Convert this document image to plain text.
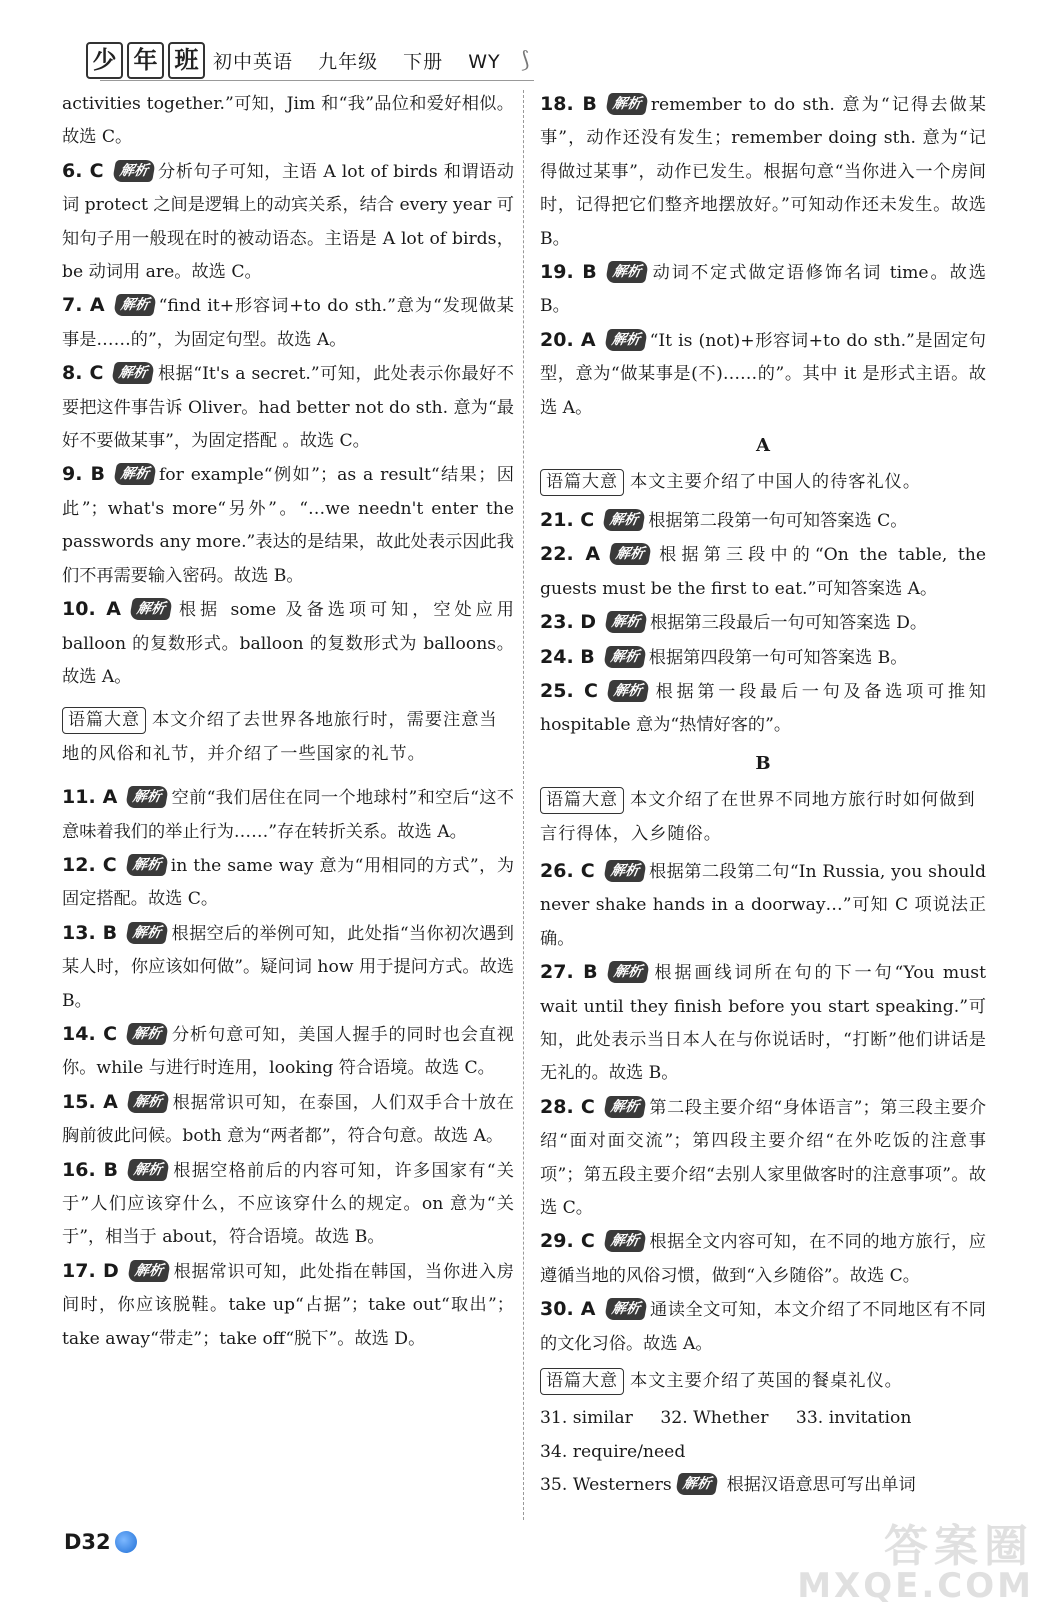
少 年 班 初中英语 九年级 下册 WY ⟆
activities together.”可知，Jim 和“我”品位和爱好相似。故选 C。
6. C 解析 分析句子可知，主语 A lot of birds 和谓语动词 protect 之间是逻辑上的动宾关系，结合 every year 可知句子用一般现在时的被动语态。主语是 A lot of birds，be 动词用 are。故选 C。
7. A 解析 “find it+形容词+to do sth.”意为“发现做某事是……的”，为固定句型。故选 A。
8. C 解析 根据“It's a secret.”可知，此处表示你最好不要把这件事告诉 Oliver。had better not do sth. 意为“最好不要做某事”，为固定搭配 。故选 C。
9. B 解析 for example“例如”；as a result“结果；因此”；what's more“另外”。“…we needn't enter the passwords any more.”表达的是结果，故此处表示因此我们不再需要输入密码。故选 B。
10. A 解析 根据 some 及备选项可知，空处应用 balloon 的复数形式。balloon 的复数形式为 balloons。故选 A。
语篇大意 本文介绍了去世界各地旅行时，需要注意当地的风俗和礼节，并介绍了一些国家的礼节。
11. A 解析 空前“我们居住在同一个地球村”和空后“这不意味着我们的举止行为……”存在转折关系。故选 A。
12. C 解析 in the same way 意为“用相同的方式”，为固定搭配。故选 C。
13. B 解析 根据空后的举例可知，此处指“当你初次遇到某人时，你应该如何做”。疑问词 how 用于提问方式。故选 B。
14. C 解析 分析句意可知，美国人握手的同时也会直视你。while 与进行时连用，looking 符合语境。故选 C。
15. A 解析 根据常识可知，在泰国，人们双手合十放在胸前彼此问候。both 意为“两者都”，符合句意。故选 A。
16. B 解析 根据空格前后的内容可知，许多国家有“关于”人们应该穿什么，不应该穿什么的规定。on 意为“关于”，相当于 about，符合语境。故选 B。
17. D 解析 根据常识可知，此处指在韩国，当你进入房间时，你应该脱鞋。take up“占据”；take out“取出”；take away“带走”；take off“脱下”。故选 D。
18. B 解析 remember to do sth. 意为“记得去做某事”，动作还没有发生；remember doing sth. 意为“记得做过某事”，动作已发生。根据句意“当你进入一个房间时，记得把它们整齐地摆放好。”可知动作还未发生。故选 B。
19. B 解析 动词不定式做定语修饰名词 time。故选 B。
20. A 解析 “It is (not)+形容词+to do sth.”是固定句型，意为“做某事是(不)……的”。其中 it 是形式主语。故选 A。
A
语篇大意 本文主要介绍了中国人的待客礼仪。
21. C 解析 根据第二段第一句可知答案选 C。
22. A 解析 根据第三段中的“On the table, the guests must be the first to eat.”可知答案选 A。
23. D 解析 根据第三段最后一句可知答案选 D。
24. B 解析 根据第四段第一句可知答案选 B。
25. C 解析 根据第一段最后一句及备选项可推知 hospitable 意为“热情好客的”。
B
语篇大意 本文介绍了在世界不同地方旅行时如何做到言行得体，入乡随俗。
26. C 解析 根据第二段第二句“In Russia, you should never shake hands in a doorway…”可知 C 项说法正确。
27. B 解析 根据画线词所在句的下一句“You must wait until they finish before you start speaking.”可知，此处表示当日本人在与你说话时，“打断”他们讲话是无礼的。故选 B。
28. C 解析 第二段主要介绍“身体语言”；第三段主要介绍“面对面交流”；第四段主要介绍“在外吃饭的注意事项”；第五段主要介绍“去别人家里做客时的注意事项”。故选 C。
29. C 解析 根据全文内容可知，在不同的地方旅行，应遵循当地的风俗习惯，做到“入乡随俗”。故选 C。
30. A 解析 通读全文可知，本文介绍了不同地区有不同的文化习俗。故选 A。
语篇大意 本文主要介绍了英国的餐桌礼仪。
31. similar 32. Whether 33. invitation
34. require/need
35. Westerners 解析 根据汉语意思可写出单词
D32	答案圈
MXQE.COM
